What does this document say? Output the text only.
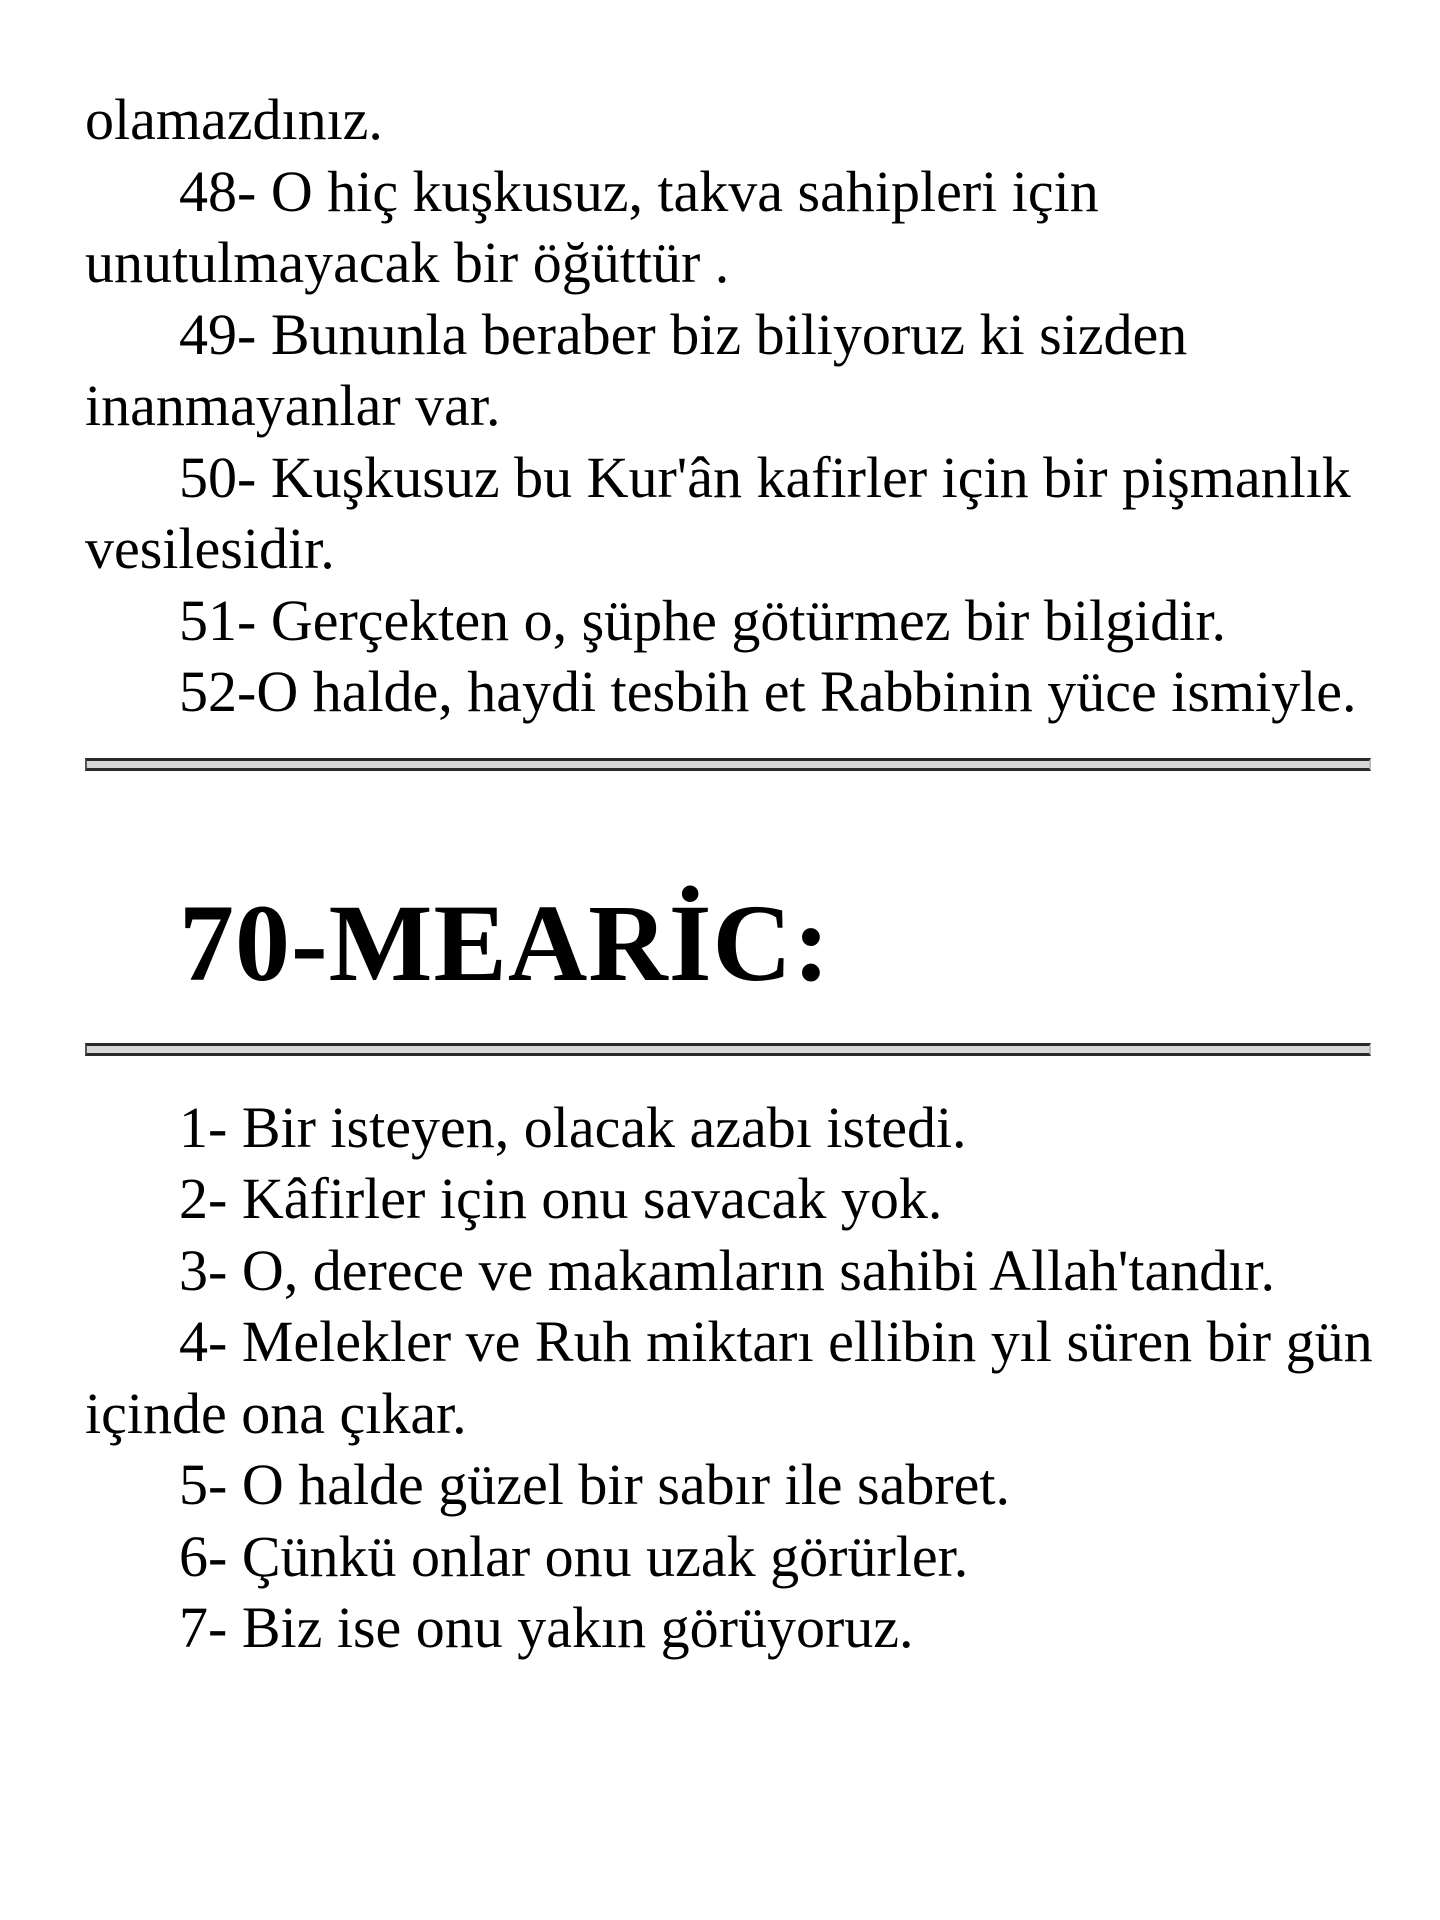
olamazdınız.

48- O hiç kuşkusuz, takva sahipleri için unutulmayacak bir öğüttür .

49- Bununla beraber biz biliyoruz ki sizden inanmayanlar var.

50- Kuşkusuz bu Kur'ân kafirler için bir pişmanlık vesilesidir.

51- Gerçekten o, şüphe götürmez bir bilgidir.

52-O halde, haydi tesbih et Rabbinin yüce ismiyle.

70-MEARİC:

1- Bir isteyen, olacak azabı istedi.

2- Kâfirler için onu savacak yok.

3- O, derece ve makamların sahibi Allah'tandır.

4- Melekler ve Ruh miktarı ellibin yıl süren bir gün içinde ona çıkar.

5- O halde güzel bir sabır ile sabret.

6- Çünkü onlar onu uzak görürler.

7- Biz ise onu yakın görüyoruz.
